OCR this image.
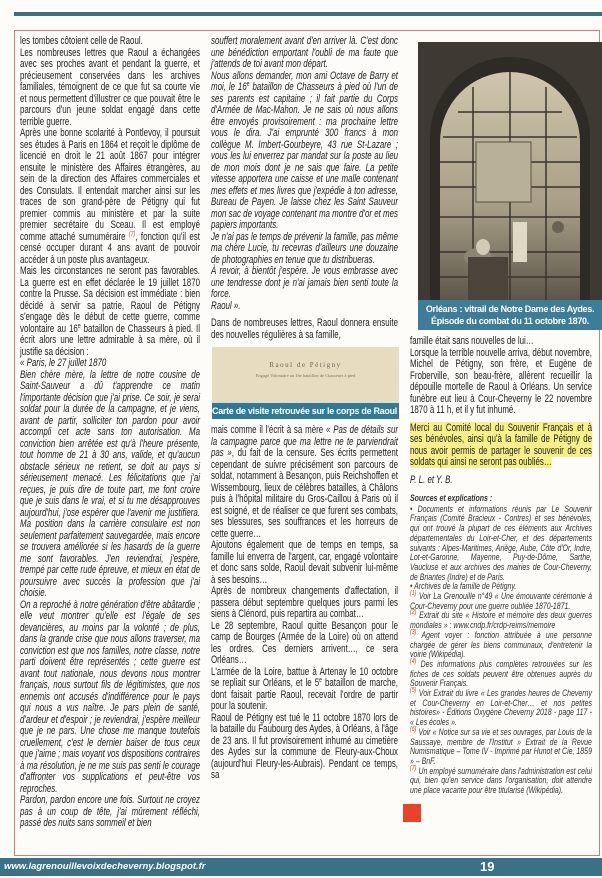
les tombes côtoient celle de Raoul.

Les nombreuses lettres que Raoul a échangées avec ses proches avant et pendant la guerre, et précieusement conservées dans les archives familiales, témoignent de ce que fut sa courte vie et nous permettent d'illustrer ce que pouvait être le parcours d'un jeune soldat engagé dans cette terrible guerre.

Après une bonne scolarité à Pontlevoy, il poursuit ses études à Paris en 1864 et reçoit le diplôme de licencié en droit le 21 août 1867 pour intégrer ensuite le ministère des Affaires étrangères, au sein de la direction des Affaires commerciales et des Consulats. Il entendait marcher ainsi sur les traces de son grand-père de Pétigny qui fut premier commis au ministère et par la suite premier secrétaire du Sceau. Il est employé comme attaché surnuméraire $^{(7)}$, fonction qu'il est censé occuper durant 4 ans avant de pouvoir accéder à un poste plus avantageux.

Mais les circonstances ne seront pas favorables. La guerre est en effet déclarée le 19 juillet 1870 contre la Prusse. Sa décision est immédiate : bien décidé à servir sa patrie, Raoul de Pétigny s'engage dès le début de cette guerre, comme volontaire au 16e bataillon de Chasseurs à pied. Il écrit alors une lettre admirable à sa mère, où il justifie sa décision :

« Paris, le 27 juillet 1870

Bien chère mère, la lettre de notre cousine de Saint-Sauveur a dû t'apprendre ce matin l'importante décision que j'ai prise. Ce soir, je serai soldat pour la durée de la campagne, et je viens, avant de partir, solliciter ton pardon pour avoir accompli cet acte sans ton autorisation. Ma conviction bien arrêtée est qu'à l'heure présente, tout homme de 21 à 30 ans, valide, et qu'aucun obstacle sérieux ne retient, se doit au pays si sérieusement menacé. Les félicitations que j'ai reçues, je puis dire de toute part, me font croire que je suis dans le vrai, et si tu me désapprouves aujourd'hui, j'ose espérer que l'avenir me justifiera. Ma position dans la carrière consulaire est non seulement parfaitement sauvegardée, mais encore se trouvera améliorée si les hasards de la guerre me sont favorables. J'en reviendrai, j'espère, trempé par cette rude épreuve, et mieux en état de poursuivre avec succès la profession que j'ai choisie.

On a reproché à notre génération d'être abâtardie ; elle veut montrer qu'elle est l'égale de ses devancières, au moins par la volonté ; de plus, dans la grande crise que nous allons traverser, ma conviction est que nos familles, notre classe, notre parti doivent être représentés ; cette guerre est avant tout nationale, nous devons nous montrer français, nous surtout fils de légitimistes, que nos ennemis ont accusés d'indifférence pour le pays qui nous a vus naître. Je pars plein de santé, d'ardeur et d'espoir ; je reviendrai, j'espère meilleur que je ne pars. Une chose me manque toutefois cruellement, c'est le dernier baiser de tous ceux que j'aime ; mais voyant vos dispositions contraires à ma résolution, je ne me suis pas senti le courage d'affronter vos supplications et peut-être vos reproches.

Pardon, pardon encore une fois. Surtout ne croyez pas à un coup de tête, j'ai mûrement réfléchi, passé des nuits sans sommeil et bien

souffert moralement avant d'en arriver là. C'est donc une bénédiction emportant l'oubli de ma faute que j'attends de toi avant mon départ.

Nous allons demander, mon ami Octave de Barry et moi, le 16e bataillon de Chasseurs à pied où l'un de ses parents est capitaine ; il fait partie du Corps d'Armée de Mac-Mahon. Je ne sais où nous allons être envoyés provisoirement : ma prochaine lettre vous le dira. J'ai emprunté 300 francs à mon collègue M. Imbert-Gourbeyre, 43 rue St-Lazare ; vous les lui enverrez par mandat sur la poste au lieu de mon mois dont je ne sais que faire. La petite vitesse apportera une caisse et une malle contenant mes effets et mes livres que j'expédie à ton adresse, Bureau de Payen. Je laisse chez les Saint Sauveur mon sac de voyage contenant ma montre d'or et mes papiers importants.

Je n'ai pas le temps de prévenir la famille, pas même ma chère Lucie, tu recevras d'ailleurs une douzaine de photographies en tenue que tu distribueras.

À revoir, à bientôt j'espère. Je vous embrasse avec une tendresse dont je n'ai jamais bien senti toute la force.

Raoul ».

Dans de nombreuses lettres, Raoul donnera ensuite des nouvelles régulières à sa famille,

Raoul de Pétigny
Engagé Volontaire au 16e bataillon de Chasseurs à pied
Carte de visite retrouvée sur le corps de Raoul de Pétigny.

mais comme il l'écrit à sa mère « Pas de détails sur la campagne parce que ma lettre ne te parviendrait pas », du fait de la censure. Ses écrits permettent cependant de suivre précisément son parcours de soldat, notamment à Besançon, puis Reichshoffen et Wissembourg, lieux de célèbres batailles, à Châlons puis à l'hôpital militaire du Gros-Caillou à Paris où il est soigné, et de réaliser ce que furent ses combats, ses blessures, ses souffrances et les horreurs de cette guerre…

Ajoutons également que de temps en temps, sa famille lui enverra de l'argent, car, engagé volontaire et donc sans solde, Raoul devait subvenir lui-même à ses besoins…

Après de nombreux changements d'affectation, il passera début septembre quelques jours parmi les siens à Clénord, puis repartira au combat…

Le 28 septembre, Raoul quitte Besançon pour le camp de Bourges (Armée de la Loire) où on attend les ordres. Ces derniers arrivent…, ce sera Orléans…

L'armée de la Loire, battue à Artenay le 10 octobre se repliait sur Orléans, et le 5e bataillon de marche, dont faisait partie Raoul, recevait l'ordre de partir pour la soutenir.

Raoul de Pétigny est tué le 11 octobre 1870 lors de la bataille du Faubourg des Aydes, à Orléans, à l'âge de 23 ans. Il fut provisoirement inhumé au cimetière des Aydes sur la commune de Fleury-aux-Choux (aujourd'hui Fleury-les-Aubrais). Pendant ce temps, sa

Orléans : vitrail de Notre Dame des Aydes.
Épisode du combat du 11 octobre 1870.

famille était sans nouvelles de lui…

Lorsque la terrible nouvelle arriva, début novembre, Michel de Pétigny, son frère, et Eugène de Froberville, son beau-frère, allèrent recueillir la dépouille mortelle de Raoul à Orléans. Un service funèbre eut lieu à Cour-Cheverny le 22 novembre 1870 à 11 h, et il y fut inhumé.

Merci au Comité local du Souvenir Français et à ses bénévoles, ainsi qu'à la famille de Pétigny de nous avoir permis de partager le souvenir de ces soldats qui ainsi ne seront pas oubliés…

P. L. et Y. B.

Sources et explications :

• Documents et informations réunis par Le Souvenir Français (Comité Bracieux - Contres) et ses bénévoles, qui ont trouvé la plupart de ces éléments aux Archives départementales du Loir-et-Cher, et des départements suivants : Alpes-Maritimes, Ariège, Aube, Côte d'Or, Indre, Lot-et-Garonne, Mayenne, Puy-de-Dôme, Sarthe, Vaucluse et aux archives des mairies de Cour-Cheverny, de Briantes (Indre) et de Paris.

• Archives de la famille de Pétigny.

$^{(1)}$ Voir La Grenouille n°49 « Une émouvante cérémonie à Cour-Cheverny pour une guerre oubliée 1870-1871.

$^{(2)}$ Extrait du site « Histoire et mémoire des deux guerres mondiales » : www.cndp.fr/crdp-reims/memoire

$^{(3)}$ Agent voyer : fonction attribuée à une personne chargée de gérer les biens communaux, d'entretenir la voirie (Wikipédia).

$^{(4)}$ Des informations plus complètes retrouvées sur les fiches de ces soldats peuvent être obtenues auprès du Souvenir Français.

$^{(5)}$ Voir Extrait du livre « Les grandes heures de Cheverny et Cour-Cheverny en Loir-et-Cher… et nos petites histoires» - Éditions Oxygène Cheverny 2018 - page 117 - « Les écoles ».

$^{(6)}$ Voir « Notice sur sa vie et ses ouvrages, par Louis de la Saussaye, membre de l'Institut » Extrait de la Revue Numismatique – Tome IV - Imprimé par Hunot et Cie, 1859 » – BnF.

$^{(7)}$ Un employé surnuméraire dans l'administration est celui qui, bien qu'en service dans l'organisation, doit attendre une place vacante pour être titularisé (Wikipédia).

www.lagrenouillevoixdecheverny.blogspot.fr	19
